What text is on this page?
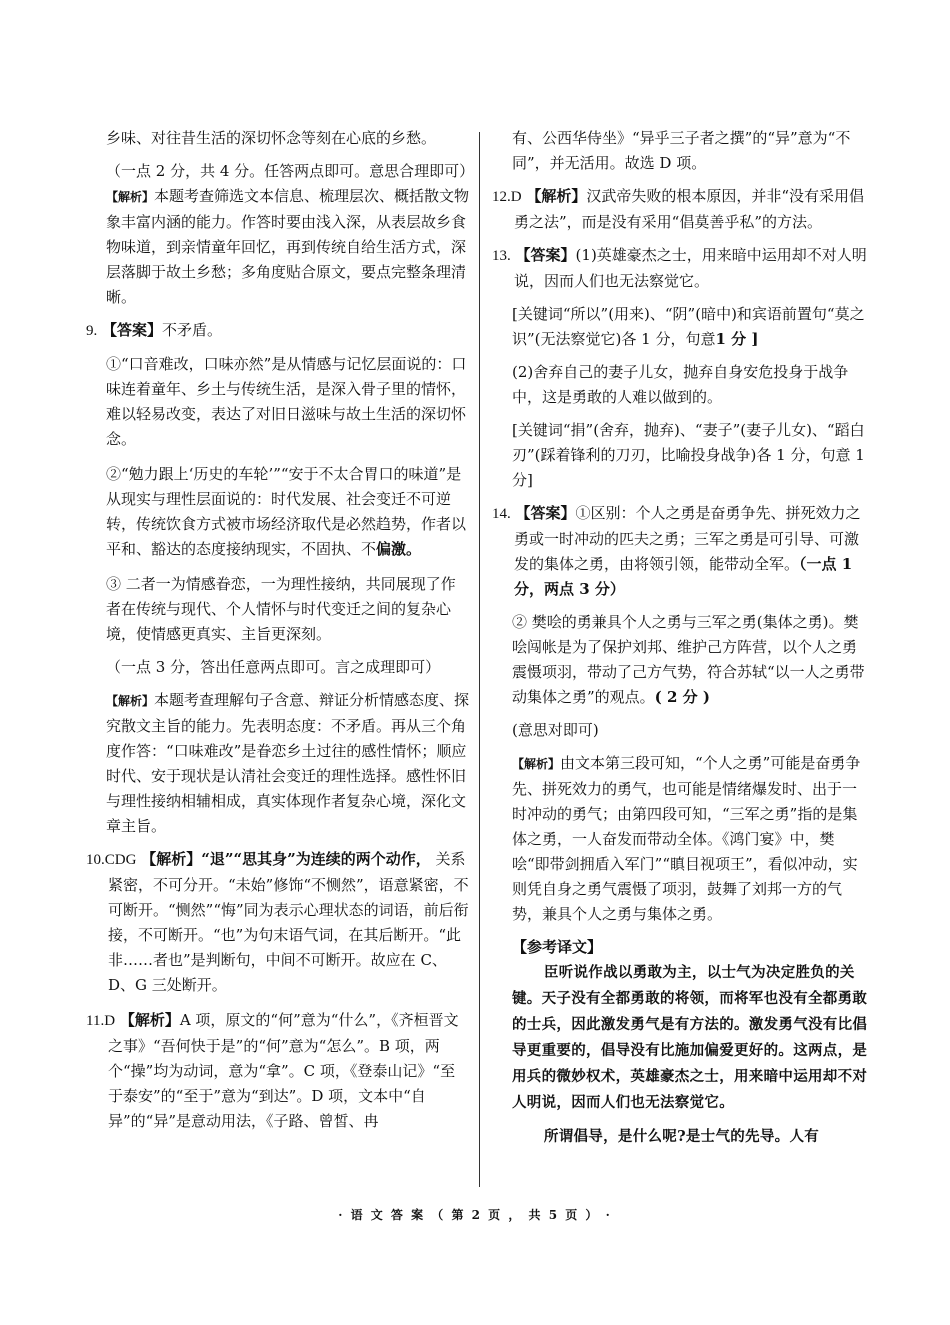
乡味、对往昔生活的深切怀念等刻在心底的乡愁。

（一点 2 分，共 4 分。任答两点即可。意思合理即可）

【解析】本题考查筛选文本信息、梳理层次、概括散文物象丰富内涵的能力。作答时要由浅入深，从表层故乡食物味道，到亲情童年回忆，再到传统自给生活方式，深层落脚于故土乡愁；多角度贴合原文，要点完整条理清晰。

9. 【答案】不矛盾。

①“口音难改，口味亦然”是从情感与记忆层面说的：口味连着童年、乡土与传统生活，是深入骨子里的情怀，难以轻易改变，表达了对旧日滋味与故土生活的深切怀念。

②“勉力跟上‘历史的车轮’”“安于不太合胃口的味道”是从现实与理性层面说的：时代发展、社会变迁不可逆转，传统饮食方式被市场经济取代是必然趋势，作者以平和、豁达的态度接纳现实，不固执、不偏激。

③ 二者一为情感眷恋，一为理性接纳，共同展现了作者在传统与现代、个人情怀与时代变迁之间的复杂心境，使情感更真实、主旨更深刻。

（一点 3 分，答出任意两点即可。言之成理即可）

【解析】本题考查理解句子含意、辩证分析情感态度、探究散文主旨的能力。先表明态度：不矛盾。再从三个角度作答：“口味难改”是眷恋乡土过往的感性情怀；顺应时代、安于现状是认清社会变迁的理性选择。感性怀旧与理性接纳相辅相成，真实体现作者复杂心境，深化文章主旨。

10.CDG 【解析】“退”“思其身”为连续的两个动作， 关系紧密，不可分开。“未始”修饰“不恻然”，语意紧密，不可断开。“恻然”“悔”同为表示心理状态的词语，前后衔接，不可断开。“也”为句末语气词，在其后断开。“此非……者也”是判断句，中间不可断开。故应在 C、D、G 三处断开。

11.D 【解析】A 项，原文的“何”意为“什么”，《齐桓晋文之事》“吾何快于是”的“何”意为“怎么”。B 项，两个“操”均为动词，意为“拿”。C 项，《登泰山记》“至于泰安”的“至于”意为“到达”。D 项，文本中“自异”的“异”是意动用法，《子路、曾皙、冉

有、公西华侍坐》“异乎三子者之撰”的“异”意为“不同”，并无活用。故选 D 项。

12.D 【解析】汉武帝失败的根本原因，并非“没有采用倡勇之法”，而是没有采用“倡莫善乎私”的方法。

13. 【答案】(1)英雄豪杰之士，用来暗中运用却不对人明说，因而人们也无法察觉它。

[关键词“所以”(用来)、“阴”(暗中)和宾语前置句“莫之识”(无法察觉它)各 1 分，句意1 分 ]

(2)舍弃自己的妻子儿女，抛弃自身安危投身于战争中，这是勇敢的人难以做到的。

[关键词“捐”(舍弃，抛弃)、“妻子”(妻子儿女)、“蹈白刃”(踩着锋利的刀刃，比喻投身战争)各 1 分，句意 1 分]

14. 【答案】①区别：个人之勇是奋勇争先、拼死效力之勇或一时冲动的匹夫之勇；三军之勇是可引导、可激发的集体之勇，由将领引领，能带动全军。（一点 1 分，两点 3 分）

② 樊哙的勇兼具个人之勇与三军之勇(集体之勇)。樊哙闯帐是为了保护刘邦、维护己方阵营，以个人之勇震慑项羽，带动了己方气势，符合苏轼“以一人之勇带动集体之勇”的观点。( 2 分 )

(意思对即可)

【解析】由文本第三段可知，“个人之勇”可能是奋勇争先、拼死效力的勇气，也可能是情绪爆发时、出于一时冲动的勇气；由第四段可知，“三军之勇”指的是集体之勇，一人奋发而带动全体。《鸿门宴》中，樊哙“即带剑拥盾入军门”“瞋目视项王”，看似冲动，实则凭自身之勇气震慑了项羽，鼓舞了刘邦一方的气势，兼具个人之勇与集体之勇。

【参考译文】

臣听说作战以勇敢为主，以士气为决定胜负的关键。天子没有全都勇敢的将领，而将军也没有全都勇敢的士兵，因此激发勇气是有方法的。激发勇气没有比倡导更重要的，倡导没有比施加偏爱更好的。这两点，是用兵的微妙权术，英雄豪杰之士，用来暗中运用却不对人明说，因而人们也无法察觉它。

所谓倡导，是什么呢?是士气的先导。人有

· 语 文 答 案 （ 第 2 页 ， 共 5 页 ） ·
